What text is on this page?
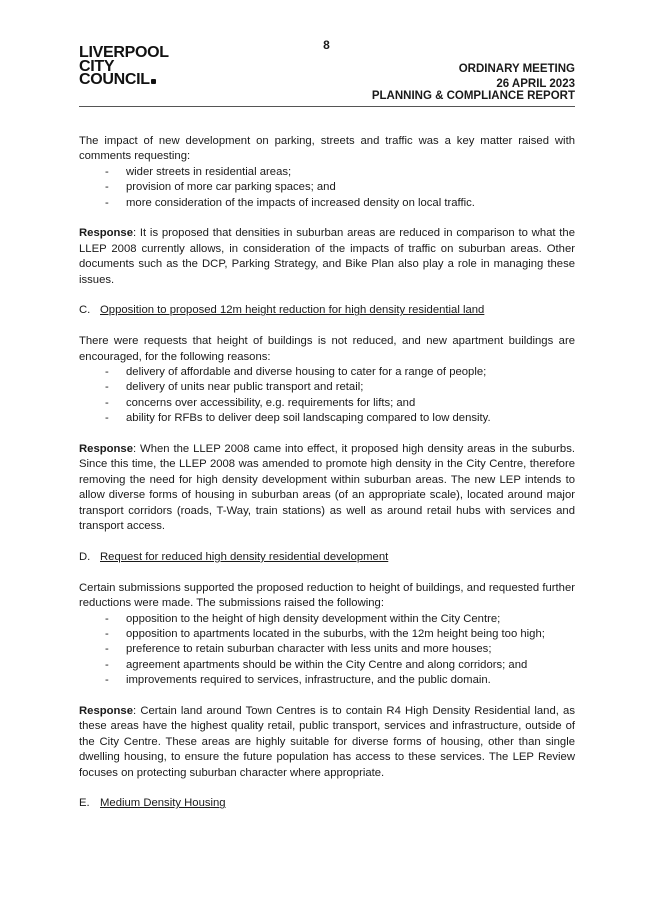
8
LIVERPOOL
CITY
COUNCIL
ORDINARY MEETING
26 APRIL 2023
PLANNING & COMPLIANCE REPORT

The impact of new development on parking, streets and traffic was a key matter raised with comments requesting:

- wider streets in residential areas;
- provision of more car parking spaces; and
- more consideration of the impacts of increased density on local traffic.

Response: It is proposed that densities in suburban areas are reduced in comparison to what the LLEP 2008 currently allows, in consideration of the impacts of traffic on suburban areas. Other documents such as the DCP, Parking Strategy, and Bike Plan also play a role in managing these issues.

C. Opposition to proposed 12m height reduction for high density residential land

There were requests that height of buildings is not reduced, and new apartment buildings are encouraged, for the following reasons:

- delivery of affordable and diverse housing to cater for a range of people;
- delivery of units near public transport and retail;
- concerns over accessibility, e.g. requirements for lifts; and
- ability for RFBs to deliver deep soil landscaping compared to low density.

Response: When the LLEP 2008 came into effect, it proposed high density areas in the suburbs. Since this time, the LLEP 2008 was amended to promote high density in the City Centre, therefore removing the need for high density development within suburban areas. The new LEP intends to allow diverse forms of housing in suburban areas (of an appropriate scale), located around major transport corridors (roads, T-Way, train stations) as well as around retail hubs with services and transport access.

D. Request for reduced high density residential development

Certain submissions supported the proposed reduction to height of buildings, and requested further reductions were made. The submissions raised the following:

- opposition to the height of high density development within the City Centre;
- opposition to apartments located in the suburbs, with the 12m height being too high;
- preference to retain suburban character with less units and more houses;
- agreement apartments should be within the City Centre and along corridors; and
- improvements required to services, infrastructure, and the public domain.

Response: Certain land around Town Centres is to contain R4 High Density Residential land, as these areas have the highest quality retail, public transport, services and infrastructure, outside of the City Centre. These areas are highly suitable for diverse forms of housing, other than single dwelling housing, to ensure the future population has access to these services. The LEP Review focuses on protecting suburban character where appropriate.

E. Medium Density Housing
